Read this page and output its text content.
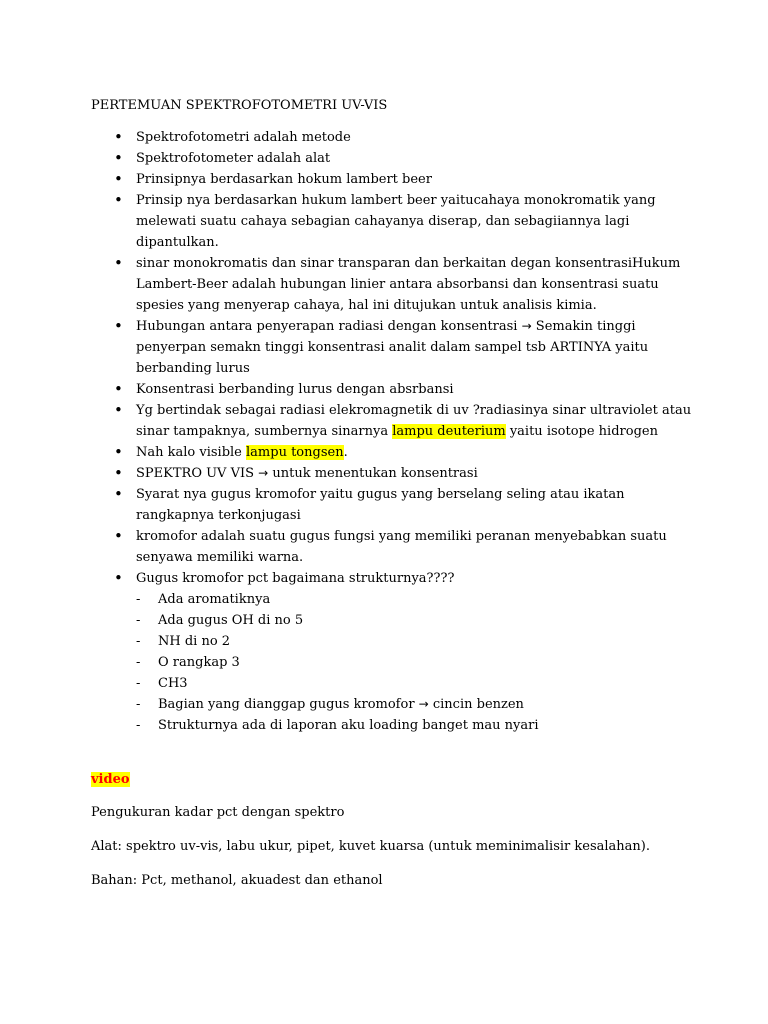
PERTEMUAN SPEKTROFOTOMETRI UV-VIS
• Spektrofotometri adalah metode
• Spektrofotometer adalah alat
• Prinsipnya berdasarkan hokum lambert beer
• Prinsip nya berdasarkan hukum lambert beer yaitucahaya monokromatik yang
melewati suatu cahaya sebagian cahayanya diserap, dan sebagiiannya lagi
dipantulkan.
• sinar monokromatis dan sinar transparan dan berkaitan degan konsentrasiHukum
Lambert-Beer adalah hubungan linier antara absorbansi dan konsentrasi suatu
spesies yang menyerap cahaya, hal ini ditujukan untuk analisis kimia.
• Hubungan antara penyerapan radiasi dengan konsentrasi → Semakin tinggi
penyerpan semakn tinggi konsentrasi analit dalam sampel tsb ARTINYA yaitu
berbanding lurus
• Konsentrasi berbanding lurus dengan absrbansi
• Yg bertindak sebagai radiasi elekromagnetik di uv ?radiasinya sinar ultraviolet atau
sinar tampaknya, sumbernya sinarnya lampu deuterium yaitu isotope hidrogen
• Nah kalo visible lampu tongsen.
• SPEKTRO UV VIS → untuk menentukan konsentrasi
• Syarat nya gugus kromofor yaitu gugus yang berselang seling atau ikatan
rangkapnya terkonjugasi
• kromofor adalah suatu gugus fungsi yang memiliki peranan menyebabkan suatu
senyawa memiliki warna.
• Gugus kromofor pct bagaimana strukturnya????
- Ada aromatiknya
- Ada gugus OH di no 5
- NH di no 2
- O rangkap 3
- CH3
- Bagian yang dianggap gugus kromofor → cincin benzen
- Strukturnya ada di laporan aku loading banget mau nyari
video
Pengukuran kadar pct dengan spektro
Alat: spektro uv-vis, labu ukur, pipet, kuvet kuarsa (untuk meminimalisir kesalahan).
Bahan: Pct, methanol, akuadest dan ethanol
